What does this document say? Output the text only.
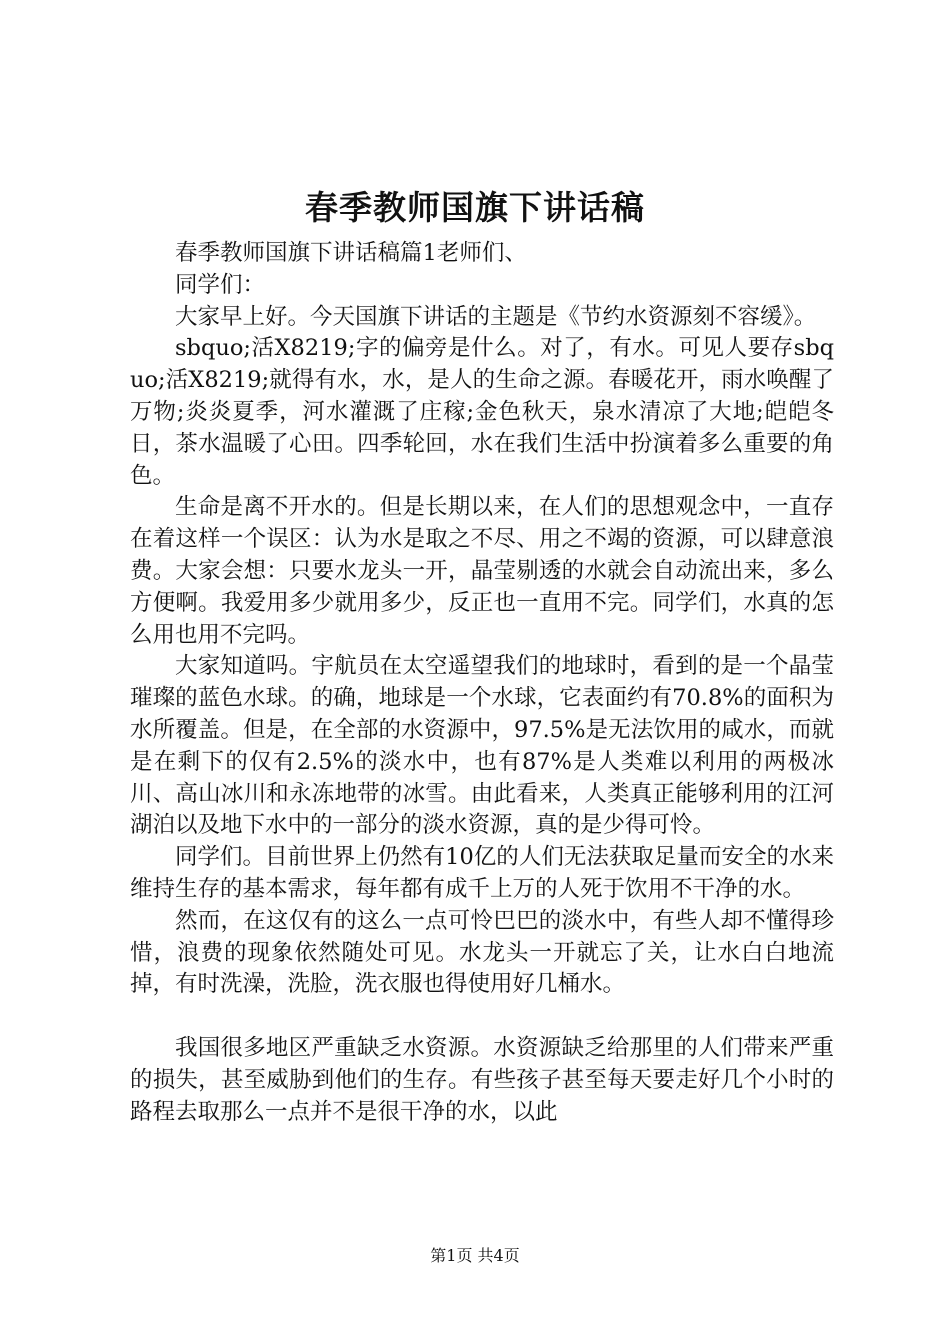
春季教师国旗下讲话稿

春季教师国旗下讲话稿篇1老师们、

同学们：

大家早上好。今天国旗下讲话的主题是《节约水资源刻不容缓》。

sbquo;活X8219;字的偏旁是什么。对了，有水。可见人要存sbquo;活X8219;就得有水，水，是人的生命之源。春暖花开，雨水唤醒了万物;炎炎夏季，河水灌溉了庄稼;金色秋天，泉水清凉了大地;皑皑冬日，茶水温暖了心田。四季轮回，水在我们生活中扮演着多么重要的角色。

生命是离不开水的。但是长期以来，在人们的思想观念中，一直存在着这样一个误区：认为水是取之不尽、用之不竭的资源，可以肆意浪费。大家会想：只要水龙头一开，晶莹剔透的水就会自动流出来，多么方便啊。我爱用多少就用多少，反正也一直用不完。同学们，水真的怎么用也用不完吗。

大家知道吗。宇航员在太空遥望我们的地球时，看到的是一个晶莹璀璨的蓝色水球。的确，地球是一个水球，它表面约有70.8%的面积为水所覆盖。但是，在全部的水资源中，97.5%是无法饮用的咸水，而就是在剩下的仅有2.5%的淡水中，也有87%是人类难以利用的两极冰川、高山冰川和永冻地带的冰雪。由此看来，人类真正能够利用的江河湖泊以及地下水中的一部分的淡水资源，真的是少得可怜。

同学们。目前世界上仍然有10亿的人们无法获取足量而安全的水来维持生存的基本需求，每年都有成千上万的人死于饮用不干净的水。

然而，在这仅有的这么一点可怜巴巴的淡水中，有些人却不懂得珍惜，浪费的现象依然随处可见。水龙头一开就忘了关，让水白白地流掉，有时洗澡，洗脸，洗衣服也得使用好几桶水。

我国很多地区严重缺乏水资源。水资源缺乏给那里的人们带来严重的损失，甚至威胁到他们的生存。有些孩子甚至每天要走好几个小时的路程去取那么一点并不是很干净的水，以此

第1页 共4页
